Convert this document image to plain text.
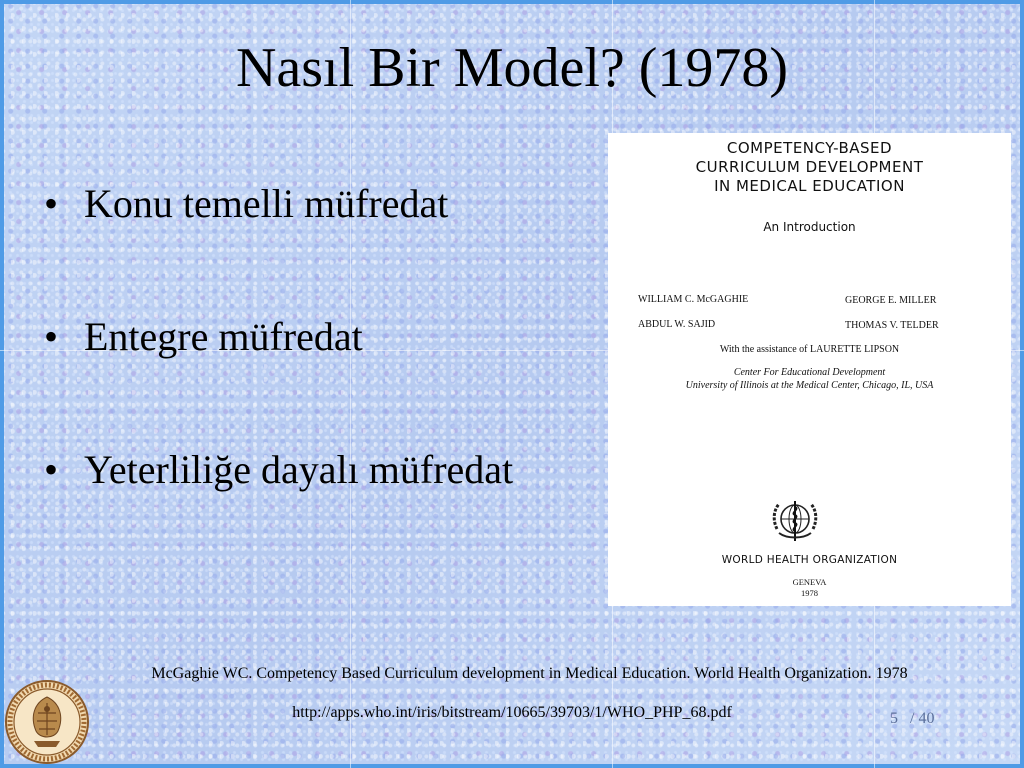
Nasıl Bir Model? (1978)
• Konu temelli müfredat
• Entegre müfredat
• Yeterliliğe dayalı müfredat
COMPETENCY-BASED
CURRICULUM DEVELOPMENT
IN MEDICAL EDUCATION
An Introduction
WILLIAM C. McGAGHIE	GEORGE E. MILLER
ABDUL W. SAJID	THOMAS V. TELDER
With the assistance of LAURETTE LIPSON
Center For Educational Development
University of Illinois at the Medical Center, Chicago, IL, USA
WORLD HEALTH ORGANIZATION
GENEVA
1978
McGaghie WC. Competency Based Curriculum development in Medical Education. World Health Organization. 1978
http://apps.who.int/iris/bitstream/10665/39703/1/WHO_PHP_68.pdf	5 / 40
